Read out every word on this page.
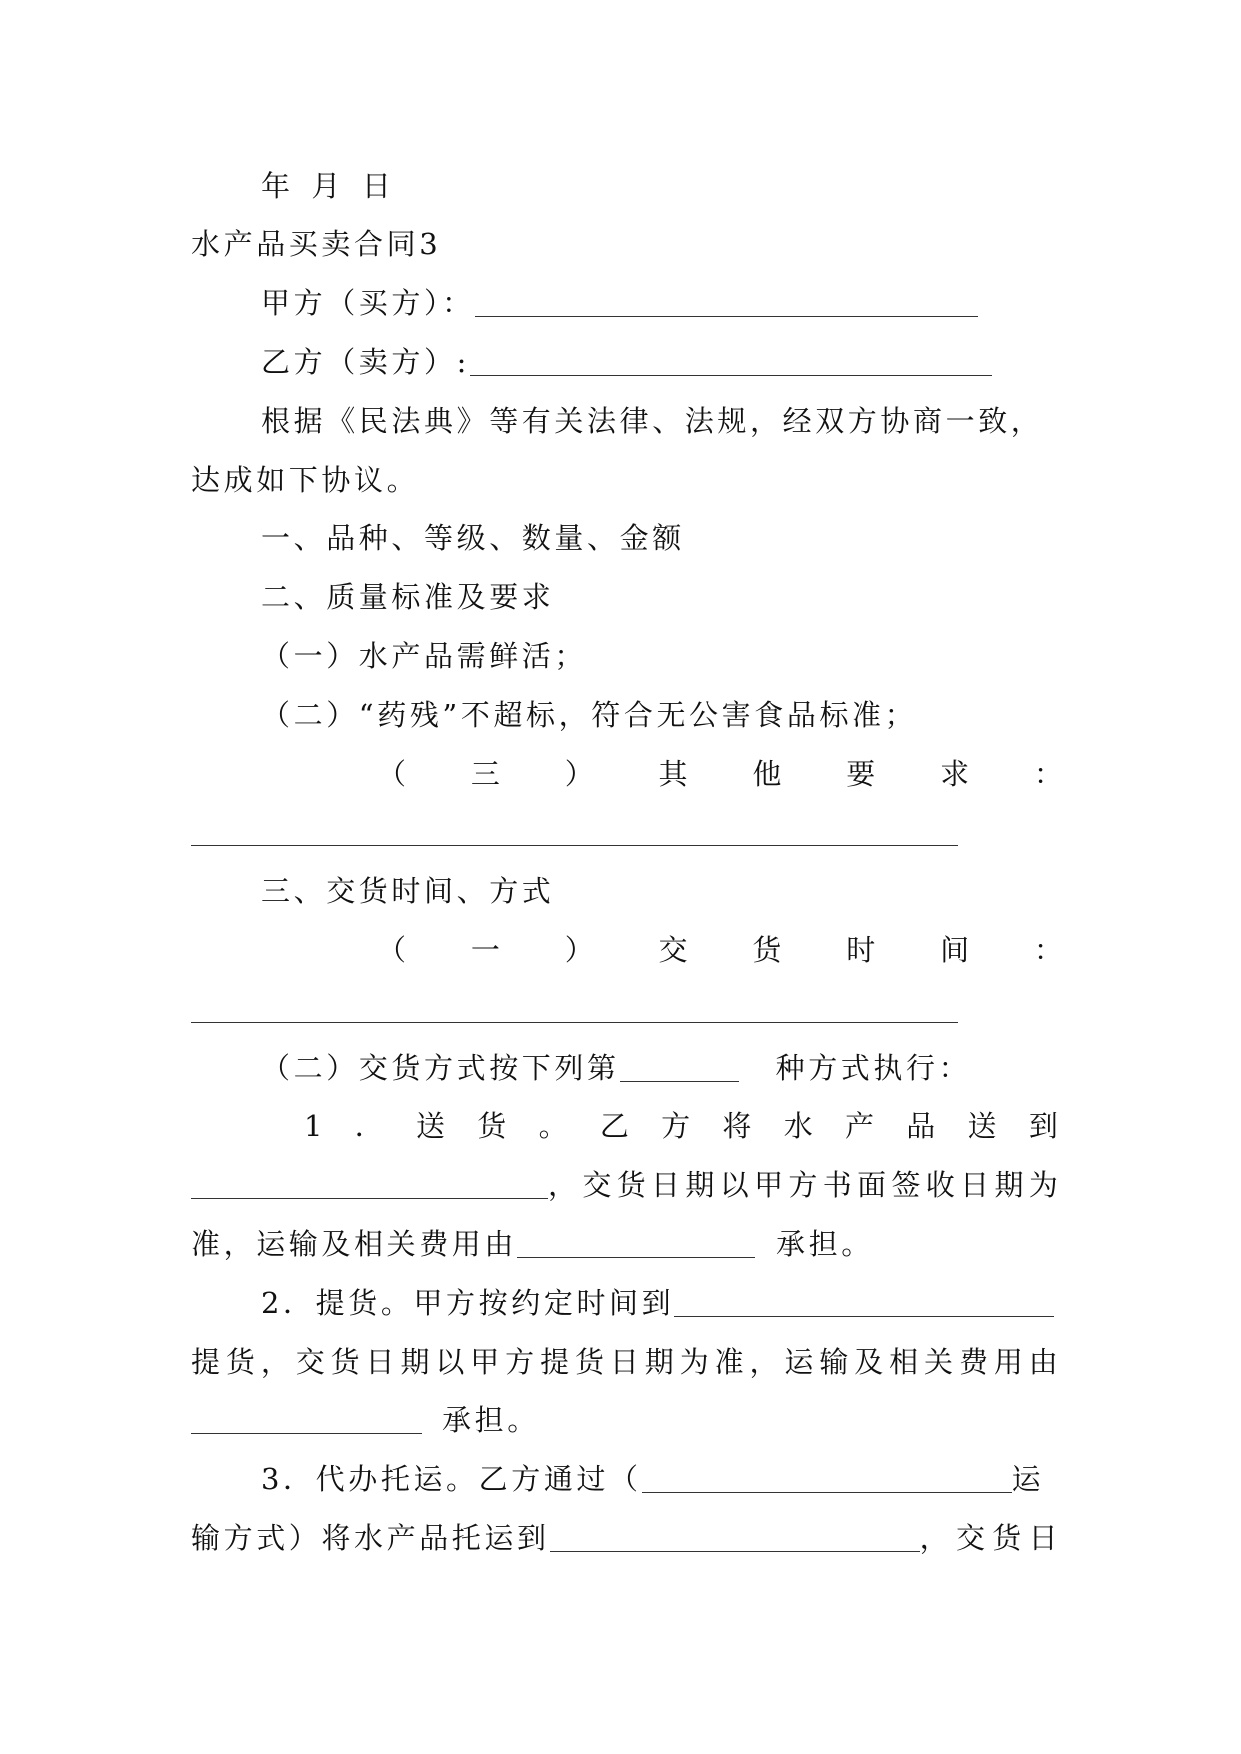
年 月 日
水产品买卖合同3
甲方（买方）：
乙方（卖方）:
根据《民法典》等有关法律、法规，经双方协商一致，
达成如下协议。
一、品种、等级、数量、金额
二、质量标准及要求
（一）水产品需鲜活；
（二）“药残”不超标，符合无公害食品标准；
（ 三 ） 其 他 要 求 ：
三、交货时间、方式
（ 一 ） 交 货 时 间 ：
（二）交货方式按下列第	种方式执行：
1 ． 送 货 。 乙 方 将 水 产 品 送 到
， 交 货 日 期 以 甲 方 书 面 签 收 日 期 为
准，运输及相关费用由	承担。
2．提货。甲方按约定时间到
提 货 ， 交 货 日 期 以 甲 方 提 货 日 期 为 准 ， 运 输 及 相 关 费 用 由
承担。
3．代办托运。乙方通过（	运
输方式）将水产品托运到	， 交 货 日
